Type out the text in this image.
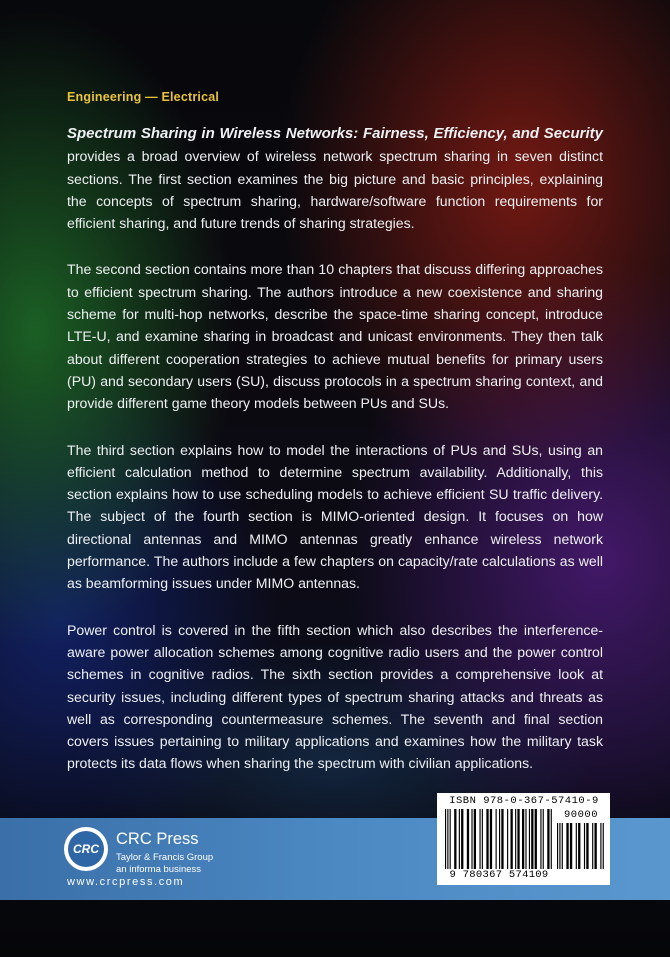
Engineering — Electrical

Spectrum Sharing in Wireless Networks: Fairness, Efficiency, and Security provides a broad overview of wireless network spectrum sharing in seven distinct sections. The first section examines the big picture and basic principles, explaining the concepts of spectrum sharing, hardware/software function requirements for efficient sharing, and future trends of sharing strategies.

The second section contains more than 10 chapters that discuss differing approaches to efficient spectrum sharing. The authors introduce a new coexistence and sharing scheme for multi-hop networks, describe the space-time sharing concept, introduce LTE-U, and examine sharing in broadcast and unicast environments. They then talk about different cooperation strategies to achieve mutual benefits for primary users (PU) and secondary users (SU), discuss protocols in a spectrum sharing context, and provide different game theory models between PUs and SUs.

The third section explains how to model the interactions of PUs and SUs, using an efficient calculation method to determine spectrum availability. Additionally, this section explains how to use scheduling models to achieve efficient SU traffic delivery. The subject of the fourth section is MIMO-oriented design. It focuses on how directional antennas and MIMO antennas greatly enhance wireless network performance. The authors include a few chapters on capacity/rate calculations as well as beamforming issues under MIMO antennas.

Power control is covered in the fifth section which also describes the interference-aware power allocation schemes among cognitive radio users and the power control schemes in cognitive radios. The sixth section provides a comprehensive look at security issues, including different types of spectrum sharing attacks and threats as well as corresponding countermeasure schemes. The seventh and final section covers issues pertaining to military applications and examines how the military task protects its data flows when sharing the spectrum with civilian applications.

CRC
CRC Press
Taylor & Francis Group
an informa business
www.crcpress.com
ISBN 978-0-367-57410-9
90000
9 780367 574109
